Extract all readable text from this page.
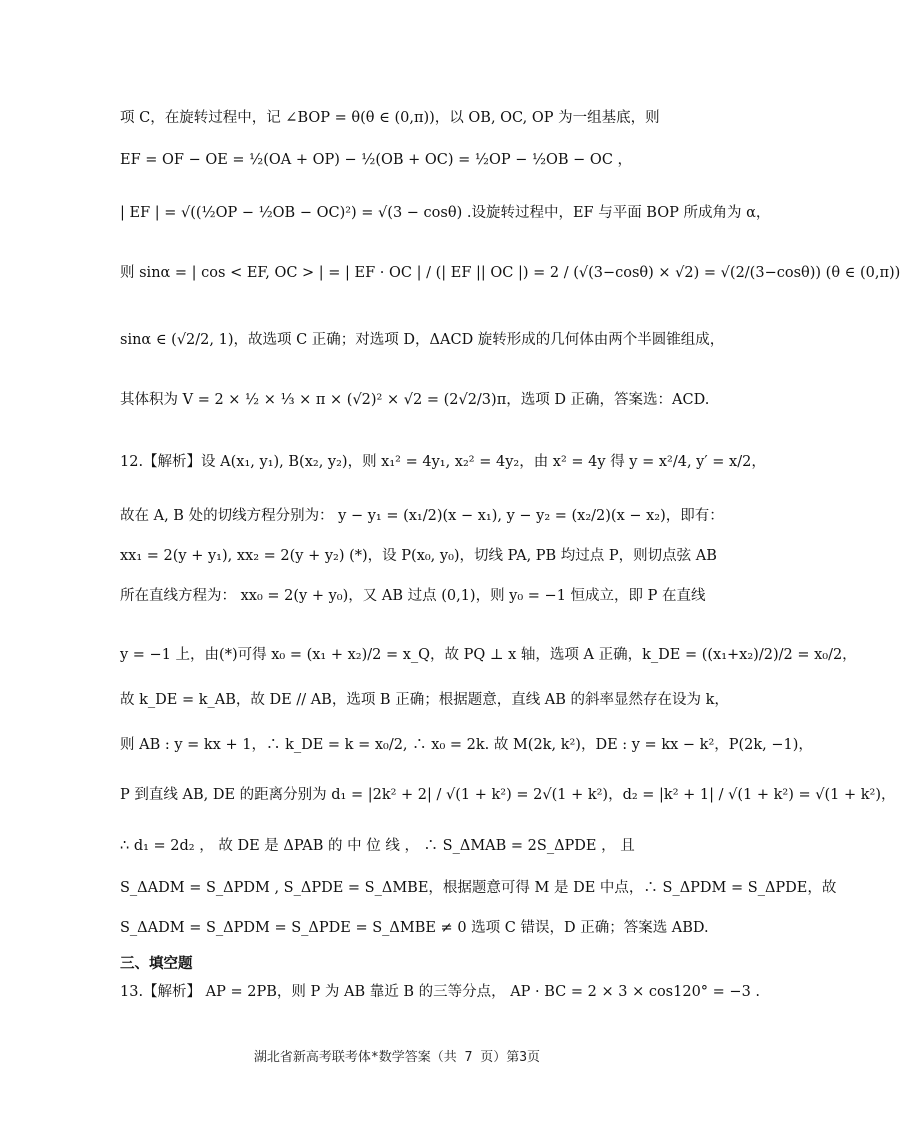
项 C，在旋转过程中，记 ∠BOP = θ(θ ∈ (0,π))，以 OB, OC, OP 为一组基底，则
EF = OF − OE = ½(OA + OP) − ½(OB + OC) = ½OP − ½OB − OC ，
| EF | = √((½OP − ½OB − OC)²) = √(3 − cosθ) .设旋转过程中，EF 与平面 BOP 所成角为 α，
则 sinα = | cos < EF, OC > | = | EF · OC | / (| EF || OC |) = 2 / (√(3−cosθ) × √2) = √(2/(3−cosθ)) (θ ∈ (0,π))
sinα ∈ (√2/2, 1)，故选项 C 正确；对选项 D，ΔACD 旋转形成的几何体由两个半圆锥组成，
其体积为 V = 2 × ½ × ⅓ × π × (√2)² × √2 = (2√2/3)π，选项 D 正确，答案选：ACD.
12.【解析】设 A(x₁, y₁), B(x₂, y₂)，则 x₁² = 4y₁, x₂² = 4y₂，由 x² = 4y 得 y = x²/4, y′ = x/2，
故在 A, B 处的切线方程分别为： y − y₁ = (x₁/2)(x − x₁), y − y₂ = (x₂/2)(x − x₂)，即有：
xx₁ = 2(y + y₁), xx₂ = 2(y + y₂) (*)，设 P(x₀, y₀)，切线 PA, PB 均过点 P，则切点弦 AB
所在直线方程为： xx₀ = 2(y + y₀)，又 AB 过点 (0,1)，则 y₀ = −1 恒成立，即 P 在直线
y = −1 上，由(*)可得 x₀ = (x₁ + x₂)/2 = x_Q，故 PQ ⊥ x 轴，选项 A 正确，k_DE = ((x₁+x₂)/2)/2 = x₀/2，
故 k_DE = k_AB，故 DE // AB，选项 B 正确；根据题意，直线 AB 的斜率显然存在设为 k，
则 AB : y = kx + 1，∴ k_DE = k = x₀/2, ∴ x₀ = 2k. 故 M(2k, k²)，DE : y = kx − k²，P(2k, −1)，
P 到直线 AB, DE 的距离分别为 d₁ = |2k² + 2| / √(1 + k²) = 2√(1 + k²)，d₂ = |k² + 1| / √(1 + k²) = √(1 + k²)，
∴ d₁ = 2d₂ ， 故 DE 是 ΔPAB 的 中 位 线 ， ∴ S_ΔMAB = 2S_ΔPDE ， 且
S_ΔADM = S_ΔPDM , S_ΔPDE = S_ΔMBE，根据题意可得 M 是 DE 中点，∴ S_ΔPDM = S_ΔPDE，故
S_ΔADM = S_ΔPDM = S_ΔPDE = S_ΔMBE ≠ 0 选项 C 错误，D 正确；答案选 ABD.
三、填空题
13.【解析】 AP = 2PB，则 P 为 AB 靠近 B 的三等分点， AP · BC = 2 × 3 × cos120° = −3 .
湖北省新高考联考体*数学答案（共 7 页）第3页
